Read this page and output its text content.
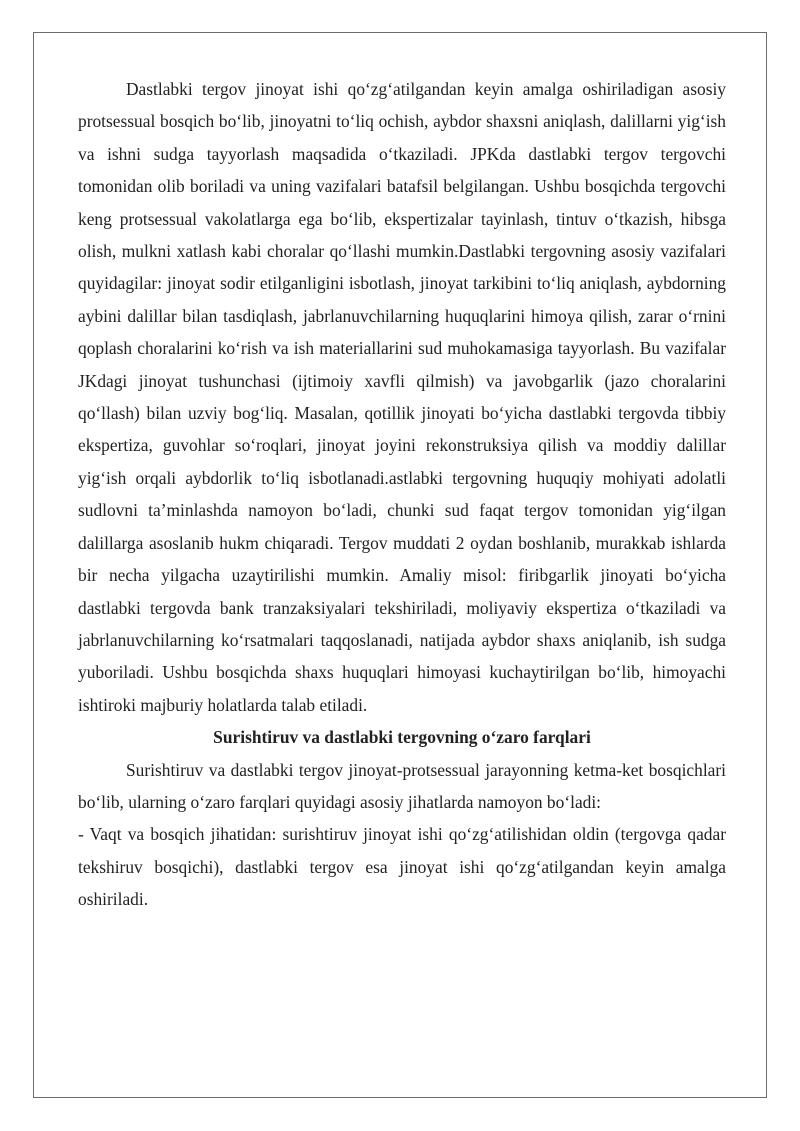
Dastlabki tergov jinoyat ishi qo‘zg‘atilgandan keyin amalga oshiriladigan asosiy protsessual bosqich bo‘lib, jinoyatni to‘liq ochish, aybdor shaxsni aniqlash, dalillarni yig‘ish va ishni sudga tayyorlash maqsadida o‘tkaziladi. JPKda dastlabki tergov tergovchi tomonidan olib boriladi va uning vazifalari batafsil belgilangan. Ushbu bosqichda tergovchi keng protsessual vakolatlarga ega bo‘lib, ekspertizalar tayinlash, tintuv o‘tkazish, hibsga olish, mulkni xatlash kabi choralar qo‘llashi mumkin.Dastlabki tergovning asosiy vazifalari quyidagilar: jinoyat sodir etilganligini isbotlash, jinoyat tarkibini to‘liq aniqlash, aybdorning aybini dalillar bilan tasdiqlash, jabrlanuvchilarning huquqlarini himoya qilish, zarar o‘rnini qoplash choralarini ko‘rish va ish materiallarini sud muhokamasiga tayyorlash. Bu vazifalar JKdagi jinoyat tushunchasi (ijtimoiy xavfli qilmish) va javobgarlik (jazo choralarini qo‘llash) bilan uzviy bog‘liq. Masalan, qotillik jinoyati bo‘yicha dastlabki tergovda tibbiy ekspertiza, guvohlar so‘roqlari, jinoyat joyini rekonstruksiya qilish va moddiy dalillar yig‘ish orqali aybdorlik to‘liq isbotlanadi.astlabki tergovning huquqiy mohiyati adolatli sudlovni ta’minlashda namoyon bo‘ladi, chunki sud faqat tergov tomonidan yig‘ilgan dalillarga asoslanib hukm chiqaradi. Tergov muddati 2 oydan boshlanib, murakkab ishlarda bir necha yilgacha uzaytirilishi mumkin. Amaliy misol: firibgarlik jinoyati bo‘yicha dastlabki tergovda bank tranzaksiyalari tekshiriladi, moliyaviy ekspertiza o‘tkaziladi va jabrlanuvchilarning ko‘rsatmalari taqqoslanadi, natijada aybdor shaxs aniqlanib, ish sudga yuboriladi. Ushbu bosqichda shaxs huquqlari himoyasi kuchaytirilgan bo‘lib, himoyachi ishtiroki majburiy holatlarda talab etiladi.

Surishtiruv va dastlabki tergovning o‘zaro farqlari

Surishtiruv va dastlabki tergov jinoyat-protsessual jarayonning ketma-ket bosqichlari bo‘lib, ularning o‘zaro farqlari quyidagi asosiy jihatlarda namoyon bo‘ladi:

- Vaqt va bosqich jihatidan: surishtiruv jinoyat ishi qo‘zg‘atilishidan oldin (tergovga qadar tekshiruv bosqichi), dastlabki tergov esa jinoyat ishi qo‘zg‘atilgandan keyin amalga oshiriladi.
